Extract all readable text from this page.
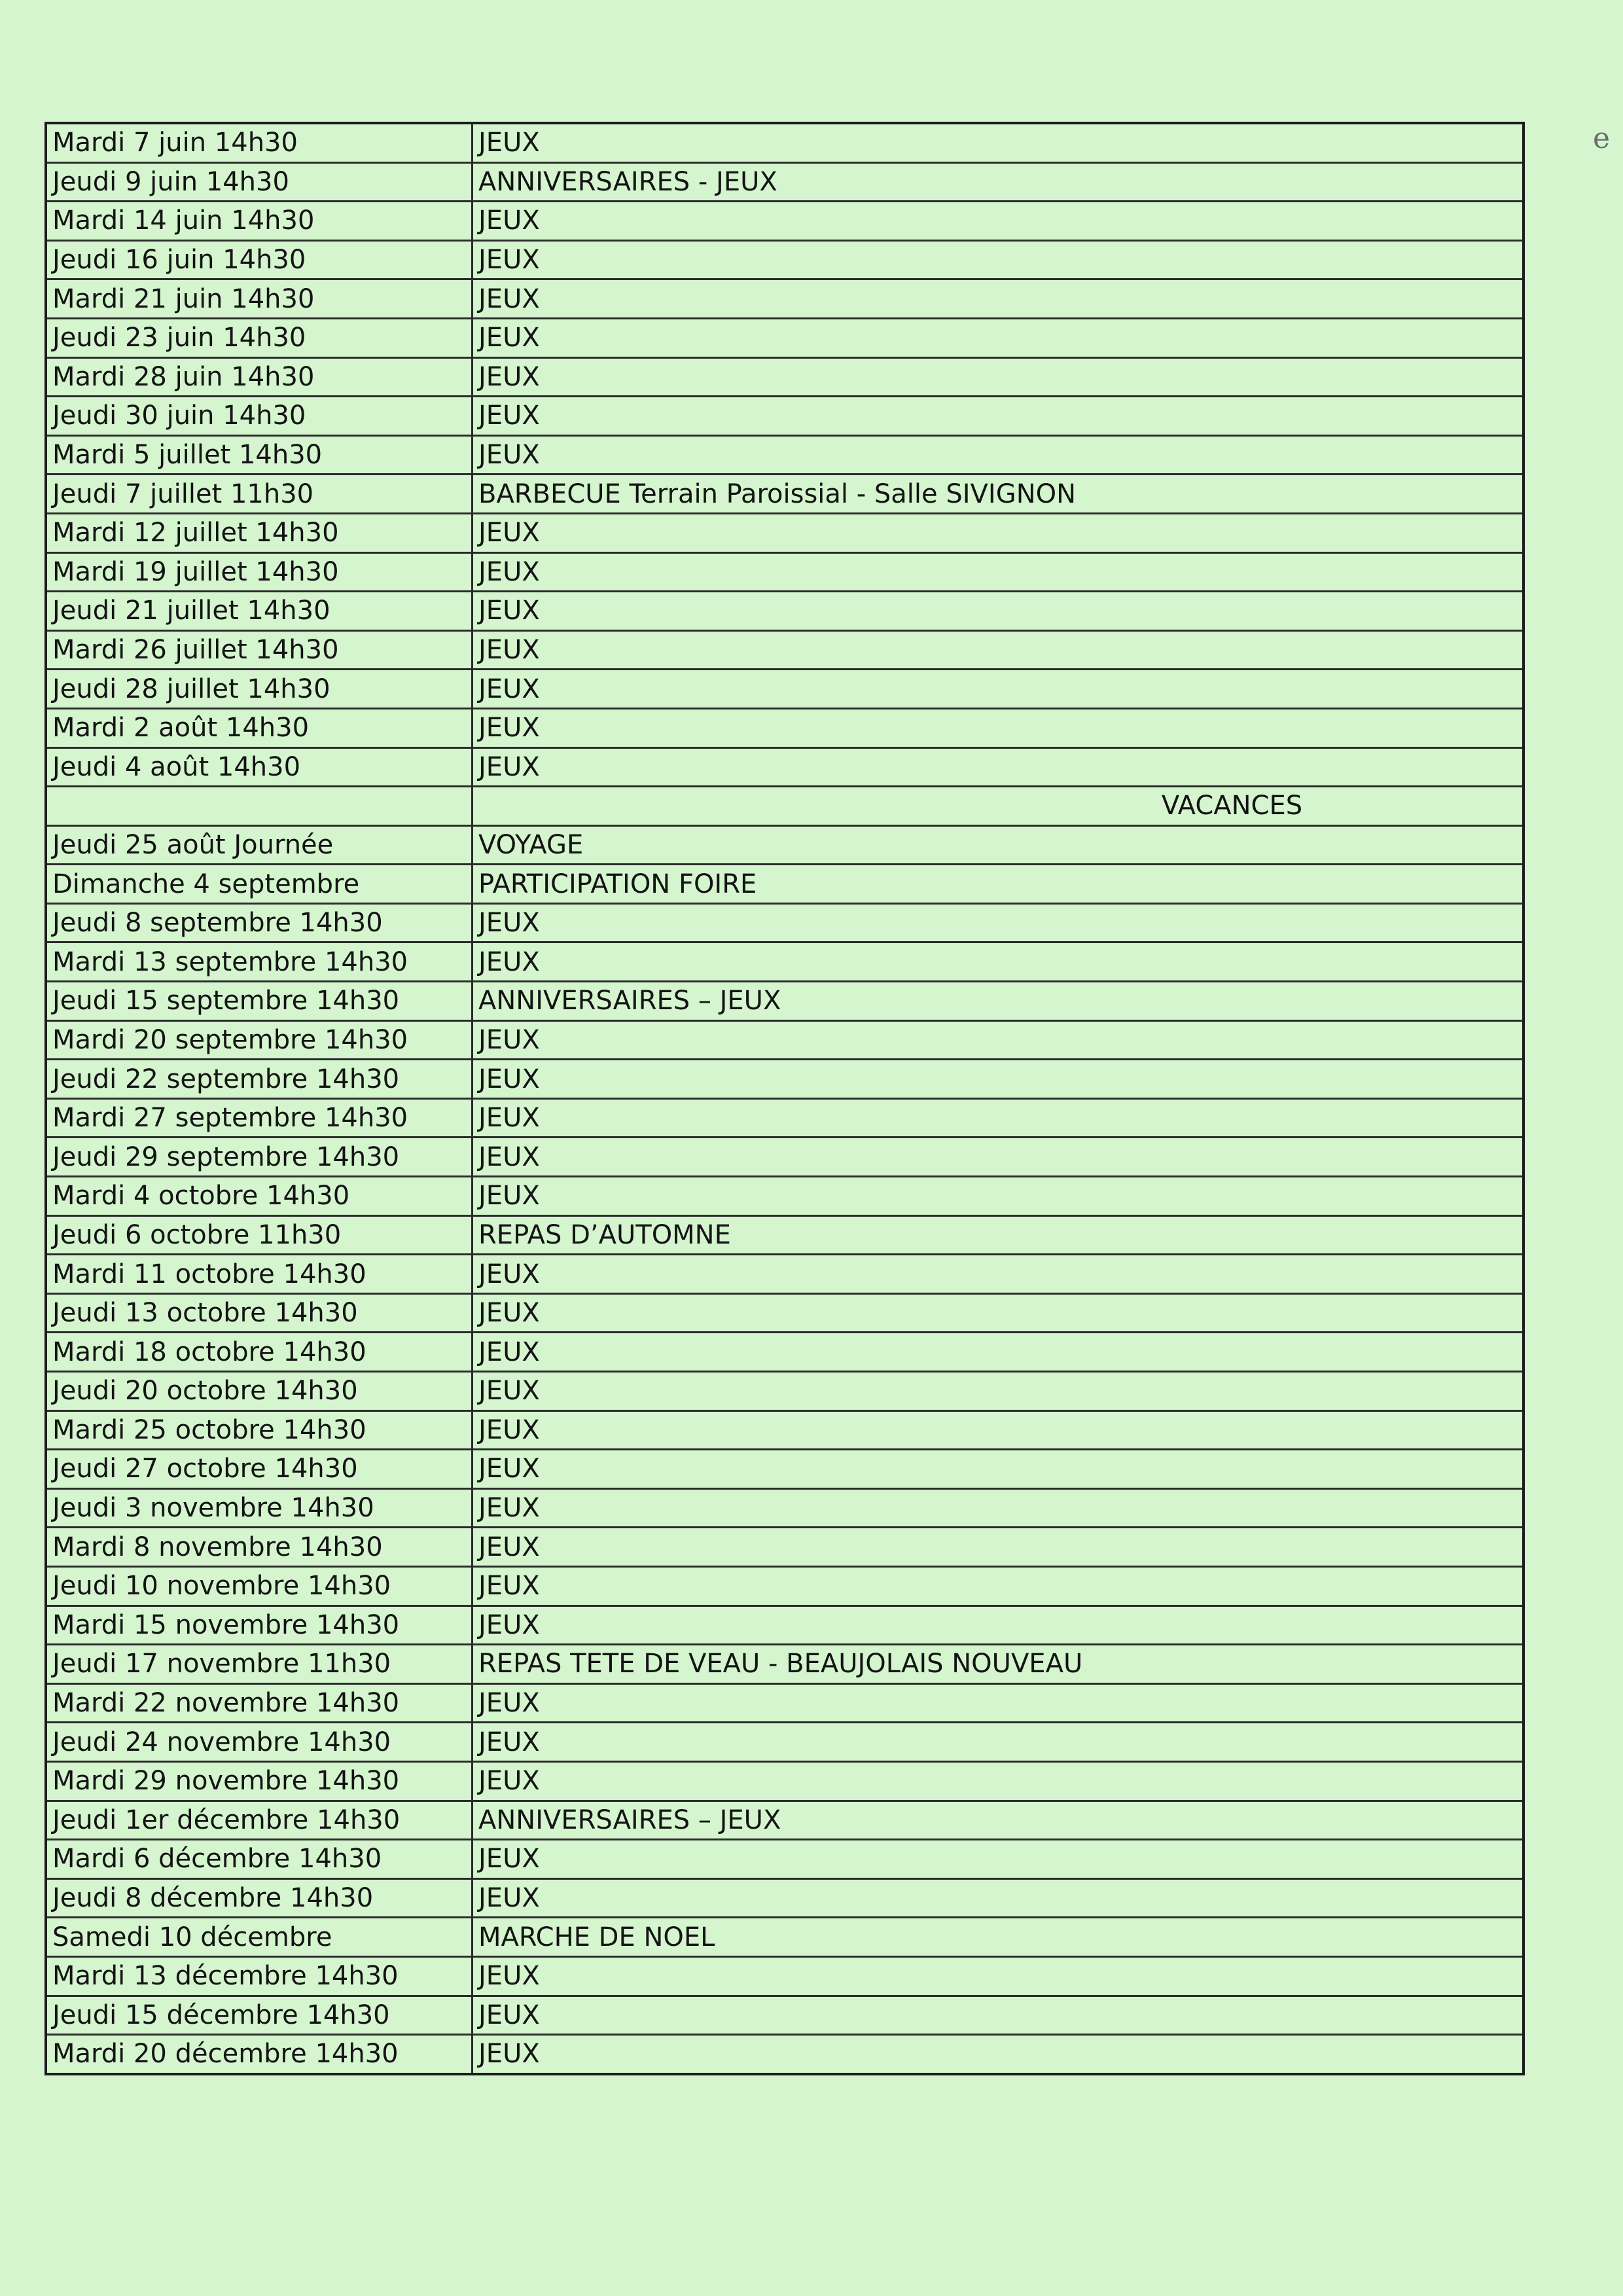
e
Mardi 7 juin 14h30	JEUX
Jeudi 9 juin 14h30	ANNIVERSAIRES - JEUX
Mardi 14 juin 14h30	JEUX
Jeudi 16 juin 14h30	JEUX
Mardi 21 juin 14h30	JEUX
Jeudi 23 juin 14h30	JEUX
Mardi 28 juin 14h30	JEUX
Jeudi 30 juin 14h30	JEUX
Mardi 5 juillet 14h30	JEUX
Jeudi 7 juillet 11h30	BARBECUE Terrain Paroissial - Salle SIVIGNON
Mardi 12 juillet 14h30	JEUX
Mardi 19 juillet 14h30	JEUX
Jeudi 21 juillet 14h30	JEUX
Mardi 26 juillet 14h30	JEUX
Jeudi 28 juillet 14h30	JEUX
Mardi 2 août 14h30	JEUX
Jeudi 4 août 14h30	JEUX
	VACANCES
Jeudi 25 août Journée	VOYAGE
Dimanche 4 septembre	PARTICIPATION FOIRE
Jeudi 8 septembre 14h30	JEUX
Mardi 13 septembre 14h30	JEUX
Jeudi 15 septembre 14h30	ANNIVERSAIRES – JEUX
Mardi 20 septembre 14h30	JEUX
Jeudi 22 septembre 14h30	JEUX
Mardi 27 septembre 14h30	JEUX
Jeudi 29 septembre 14h30	JEUX
Mardi 4 octobre 14h30	JEUX
Jeudi 6 octobre 11h30	REPAS D’AUTOMNE
Mardi 11 octobre 14h30	JEUX
Jeudi 13 octobre 14h30	JEUX
Mardi 18 octobre 14h30	JEUX
Jeudi 20 octobre 14h30	JEUX
Mardi 25 octobre 14h30	JEUX
Jeudi 27 octobre 14h30	JEUX
Jeudi 3 novembre 14h30	JEUX
Mardi 8 novembre 14h30	JEUX
Jeudi 10 novembre 14h30	JEUX
Mardi 15 novembre 14h30	JEUX
Jeudi 17 novembre 11h30	REPAS TETE DE VEAU - BEAUJOLAIS NOUVEAU
Mardi 22 novembre 14h30	JEUX
Jeudi 24 novembre 14h30	JEUX
Mardi 29 novembre 14h30	JEUX
Jeudi 1er décembre 14h30	ANNIVERSAIRES – JEUX
Mardi 6 décembre 14h30	JEUX
Jeudi 8 décembre 14h30	JEUX
Samedi 10 décembre	MARCHE DE NOEL
Mardi 13 décembre 14h30	JEUX
Jeudi 15 décembre 14h30	JEUX
Mardi 20 décembre 14h30	JEUX
